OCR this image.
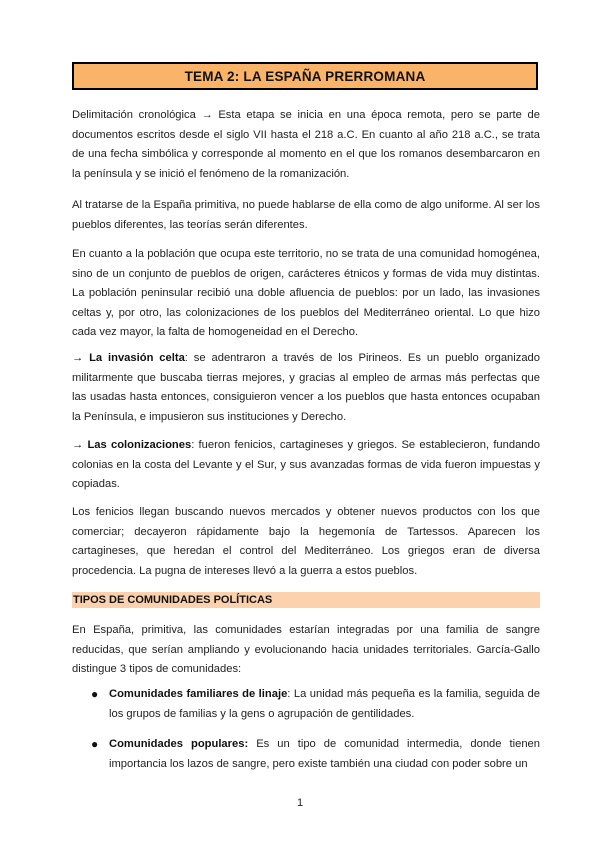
TEMA 2: LA ESPAÑA PRERROMANA

Delimitación cronológica → Esta etapa se inicia en una época remota, pero se parte de documentos escritos desde el siglo VII hasta el 218 a.C. En cuanto al año 218 a.C., se trata de una fecha simbólica y corresponde al momento en el que los romanos desembarcaron en la península y se inició el fenómeno de la romanización.

Al tratarse de la España primitiva, no puede hablarse de ella como de algo uniforme. Al ser los pueblos diferentes, las teorías serán diferentes.

En cuanto a la población que ocupa este territorio, no se trata de una comunidad homogénea, sino de un conjunto de pueblos de origen, carácteres étnicos y formas de vida muy distintas. La población peninsular recibió una doble afluencia de pueblos: por un lado, las invasiones celtas y, por otro, las colonizaciones de los pueblos del Mediterráneo oriental. Lo que hizo cada vez mayor, la falta de homogeneidad en el Derecho.

→ La invasión celta: se adentraron a través de los Pirineos. Es un pueblo organizado militarmente que buscaba tierras mejores, y gracias al empleo de armas más perfectas que las usadas hasta entonces, consiguieron vencer a los pueblos que hasta entonces ocupaban la Península, e impusieron sus instituciones y Derecho.

→ Las colonizaciones: fueron fenicios, cartagineses y griegos. Se establecieron, fundando colonias en la costa del Levante y el Sur, y sus avanzadas formas de vida fueron impuestas y copiadas.

Los fenicios llegan buscando nuevos mercados y obtener nuevos productos con los que comerciar; decayeron rápidamente bajo la hegemonía de Tartessos. Aparecen los cartagineses, que heredan el control del Mediterráneo. Los griegos eran de diversa procedencia. La pugna de intereses llevó a la guerra a estos pueblos.

TIPOS DE COMUNIDADES POLÍTICAS

En España, primitiva, las comunidades estarían integradas por una familia de sangre reducidas, que serían ampliando y evolucionando hacia unidades territoriales. García-Gallo distingue 3 tipos de comunidades:

● Comunidades familiares de linaje: La unidad más pequeña es la familia, seguida de los grupos de familias y la gens o agrupación de gentilidades.

● Comunidades populares: Es un tipo de comunidad intermedia, donde tienen importancia los lazos de sangre, pero existe también una ciudad con poder sobre un

1
